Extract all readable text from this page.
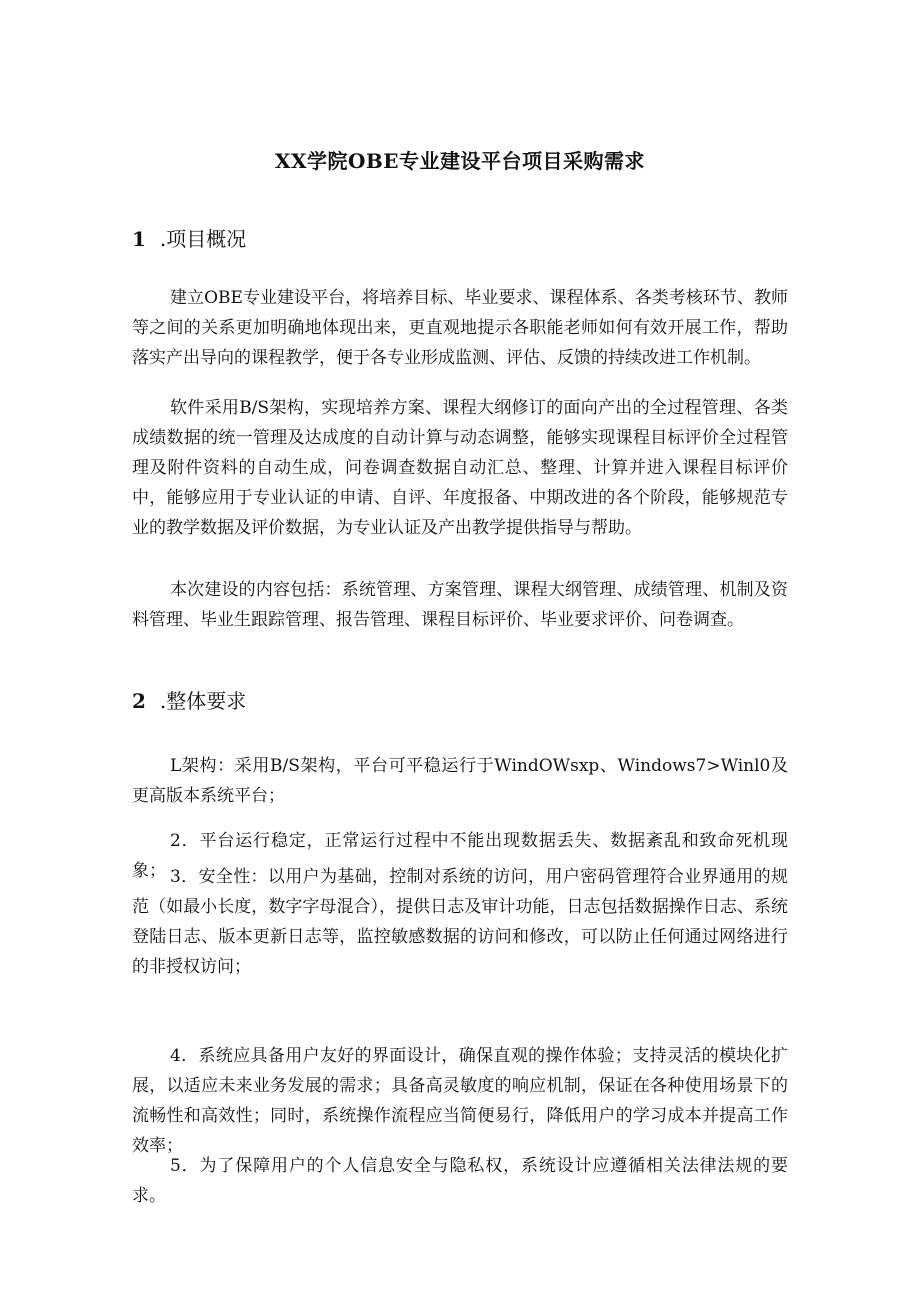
XX学院OBE专业建设平台项目采购需求
1 .项目概况

建立OBE专业建设平台，将培养目标、毕业要求、课程体系、各类考核环节、教师等之间的关系更加明确地体现出来，更直观地提示各职能老师如何有效开展工作，帮助落实产出导向的课程教学，便于各专业形成监测、评估、反馈的持续改进工作机制。

软件采用B/S架构，实现培养方案、课程大纲修订的面向产出的全过程管理、各类成绩数据的统一管理及达成度的自动计算与动态调整，能够实现课程目标评价全过程管理及附件资料的自动生成，问卷调查数据自动汇总、整理、计算并进入课程目标评价中，能够应用于专业认证的申请、自评、年度报备、中期改进的各个阶段，能够规范专业的教学数据及评价数据，为专业认证及产出教学提供指导与帮助。

本次建设的内容包括：系统管理、方案管理、课程大纲管理、成绩管理、机制及资料管理、毕业生跟踪管理、报告管理、课程目标评价、毕业要求评价、问卷调查。

2 .整体要求

L架构：采用B/S架构，平台可平稳运行于WindOWsxp、Windows7>Winl0及更高版本系统平台；

2．平台运行稳定，正常运行过程中不能出现数据丢失、数据紊乱和致命死机现象； 3．安全性：以用户为基础，控制对系统的访问，用户密码管理符合业界通用的规范（如最小长度，数字字母混合），提供日志及审计功能，日志包括数据操作日志、系统登陆日志、版本更新日志等，监控敏感数据的访问和修改，可以防止任何通过网络进行的非授权访问；

4．系统应具备用户友好的界面设计，确保直观的操作体验；支持灵活的模块化扩展，以适应未来业务发展的需求；具备高灵敏度的响应机制，保证在各种使用场景下的流畅性和高效性；同时，系统操作流程应当简便易行，降低用户的学习成本并提高工作效率；

5．为了保障用户的个人信息安全与隐私权，系统设计应遵循相关法律法规的要求。
